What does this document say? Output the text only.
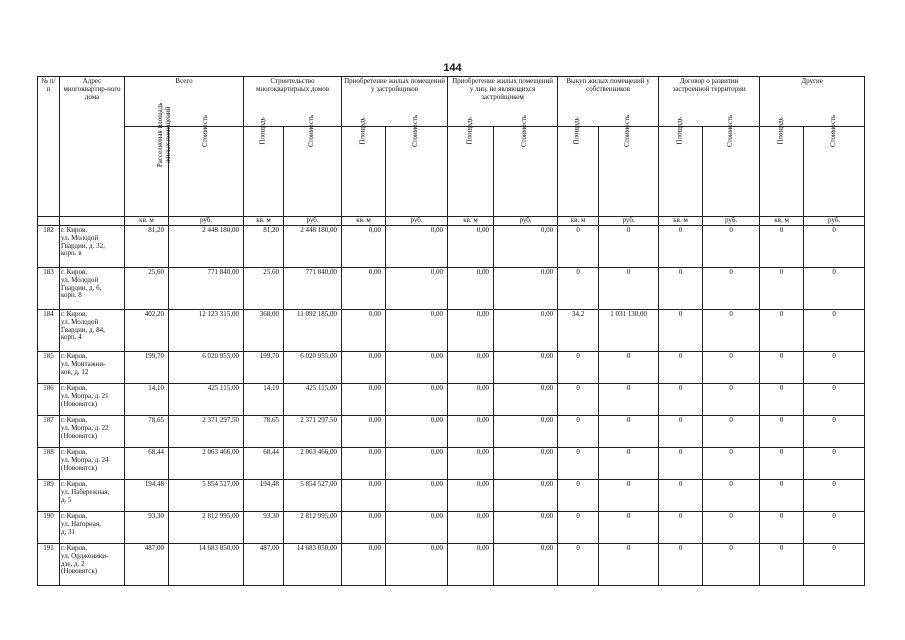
144
№ п/п	Адрес многоквартир-ного дома	Всего		Строительство многоквартирных домов		Приобретение жилых помещений у застройщиков		Приобретение жилых помещений у лиц, не являющихся застройщиком		Выкуп жилых помещений у собственников		Договор о развитии застроенной территории		Другие	
		Расселяемая площадь жилых помещений	Стоимость	Площадь	Стоимость	Площадь	Стоимость	Площадь	Стоимость	Площадь	Стоимость	Площадь	Стоимость	Площадь	Стоимость
		кв. м	руб.	кв. м	руб.	кв. м	руб.	кв. м	руб.	кв. м	руб.	кв. м	руб.	кв. м	руб.
182	г. Киров,
ул. Молодой
Гвардии, д. 32,
корп. в	81,20	2 448 180,00	81,20	2 448 180,00	0,00	0,00	0,00	0,00	0	0	0	0	0	0
183	г. Киров,
ул. Молодой
Гвардии, д. 6,
корп. 8	25,60	771 840,00	25,60	771 840,00	0,00	0,00	0,00	0,00	0	0	0	0	0	0
184	г. Киров,
ул. Молодой
Гвардии, д. 84,
корп. 4	402,20	12 123 315,00	368,00	11 092 185,00	0,00	0,00	0,00	0,00	34,2	1 031 130,00	0	0	0	0
185	г. Киров,
ул. Монтажни-
ков, д. 12	199,70	6 020 955,00	199,70	6 020 955,00	0,00	0,00	0,00	0,00	0	0	0	0	0	0
186	г. Киров,
ул. Мопра, д. 21
(Нововятск)	14,10	425 115,00	14,10	425 115,00	0,00	0,00	0,00	0,00	0	0	0	0	0	0
187	г. Киров,
ул. Мопра, д. 22
(Нововятск)	78,65	2 371 297,50	78,65	2 371 297,50	0,00	0,00	0,00	0,00	0	0	0	0	0	0
188	г. Киров,
ул. Мопра, д. 24
(Нововятск)	68,44	2 063 466,00	68,44	2 063 466,00	0,00	0,00	0,00	0,00	0	0	0	0	0	0
189	г. Киров,
ул. Набережная,
д. 5	194,48	5 854 527,00	194,48	5 854 527,00	0,00	0,00	0,00	0,00	0	0	0	0	0	0
190	г. Киров,
ул. Нагорная,
д. 31	93,30	2 812 995,00	93,30	2 812 995,00	0,00	0,00	0,00	0,00	0	0	0	0	0	0
191	г. Киров,
ул. Орджоники-
дзе, д. 2
(Нововятск)	487,00	14 683 050,00	487,00	14 683 050,00	0,00	0,00	0,00	0,00	0	0	0	0	0	0
